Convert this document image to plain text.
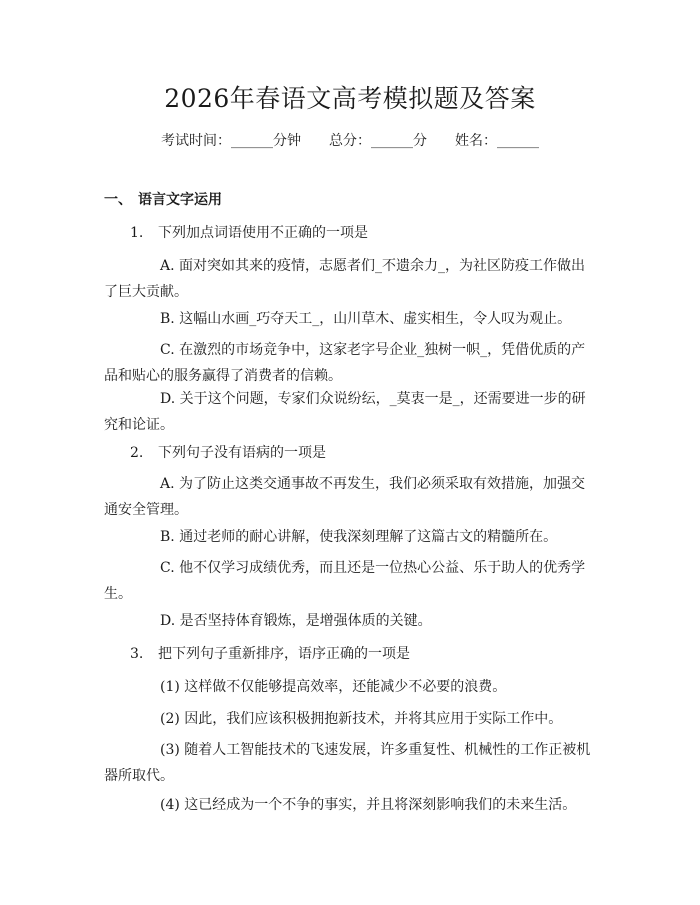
2026年春语文高考模拟题及答案
考试时间：______分钟 总分：______分 姓名：______
一、 语言文字运用
1. 下列加点词语使用不正确的一项是
A. 面对突如其来的疫情，志愿者们_不遗余力_，为社区防疫工作做出了巨大贡献。
B. 这幅山水画_巧夺天工_，山川草木、虚实相生，令人叹为观止。
C. 在激烈的市场竞争中，这家老字号企业_独树一帜_，凭借优质的产品和贴心的服务赢得了消费者的信赖。
D. 关于这个问题，专家们众说纷纭，_莫衷一是_，还需要进一步的研究和论证。
2. 下列句子没有语病的一项是
A. 为了防止这类交通事故不再发生，我们必须采取有效措施，加强交通安全管理。
B. 通过老师的耐心讲解，使我深刻理解了这篇古文的精髓所在。
C. 他不仅学习成绩优秀，而且还是一位热心公益、乐于助人的优秀学生。
D. 是否坚持体育锻炼，是增强体质的关键。
3. 把下列句子重新排序，语序正确的一项是
(1) 这样做不仅能够提高效率，还能减少不必要的浪费。
(2) 因此，我们应该积极拥抱新技术，并将其应用于实际工作中。
(3) 随着人工智能技术的飞速发展，许多重复性、机械性的工作正被机器所取代。
(4) 这已经成为一个不争的事实，并且将深刻影响我们的未来生活。
